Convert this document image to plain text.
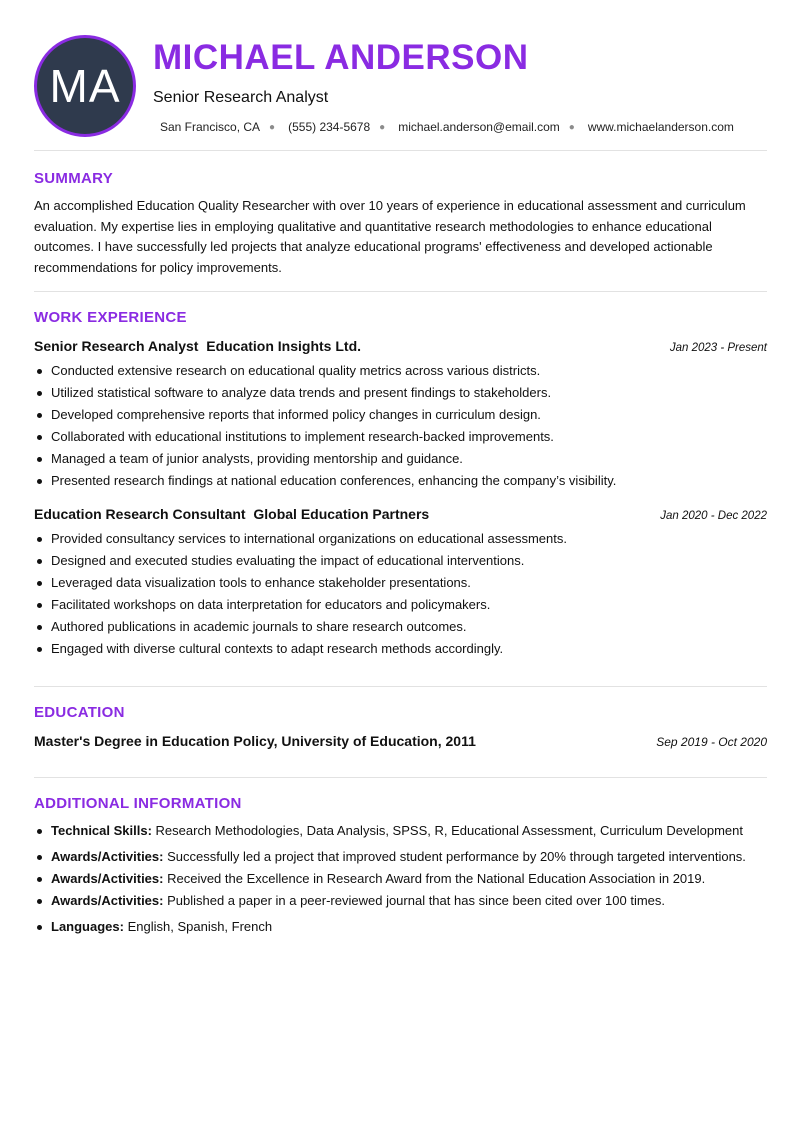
MA
MICHAEL ANDERSON
Senior Research Analyst
San Francisco, CA ● (555) 234-5678 ● michael.anderson@email.com ● www.michaelanderson.com
SUMMARY

An accomplished Education Quality Researcher with over 10 years of experience in educational assessment and curriculum evaluation. My expertise lies in employing qualitative and quantitative research methodologies to enhance educational outcomes. I have successfully led projects that analyze educational programs' effectiveness and developed actionable recommendations for policy improvements.

WORK EXPERIENCE
Senior Research Analyst Education Insights Ltd.	Jan 2023 - Present
Conducted extensive research on educational quality metrics across various districts.
Utilized statistical software to analyze data trends and present findings to stakeholders.
Developed comprehensive reports that informed policy changes in curriculum design.
Collaborated with educational institutions to implement research-backed improvements.
Managed a team of junior analysts, providing mentorship and guidance.
Presented research findings at national education conferences, enhancing the company’s visibility.
Education Research Consultant Global Education Partners	Jan 2020 - Dec 2022
Provided consultancy services to international organizations on educational assessments.
Designed and executed studies evaluating the impact of educational interventions.
Leveraged data visualization tools to enhance stakeholder presentations.
Facilitated workshops on data interpretation for educators and policymakers.
Authored publications in academic journals to share research outcomes.
Engaged with diverse cultural contexts to adapt research methods accordingly.
EDUCATION
Master's Degree in Education Policy, University of Education, 2011	Sep 2019 - Oct 2020
ADDITIONAL INFORMATION
Technical Skills: Research Methodologies, Data Analysis, SPSS, R, Educational Assessment, Curriculum Development
Awards/Activities: Successfully led a project that improved student performance by 20% through targeted interventions.
Awards/Activities: Received the Excellence in Research Award from the National Education Association in 2019.
Awards/Activities: Published a paper in a peer-reviewed journal that has since been cited over 100 times.
Languages: English, Spanish, French
